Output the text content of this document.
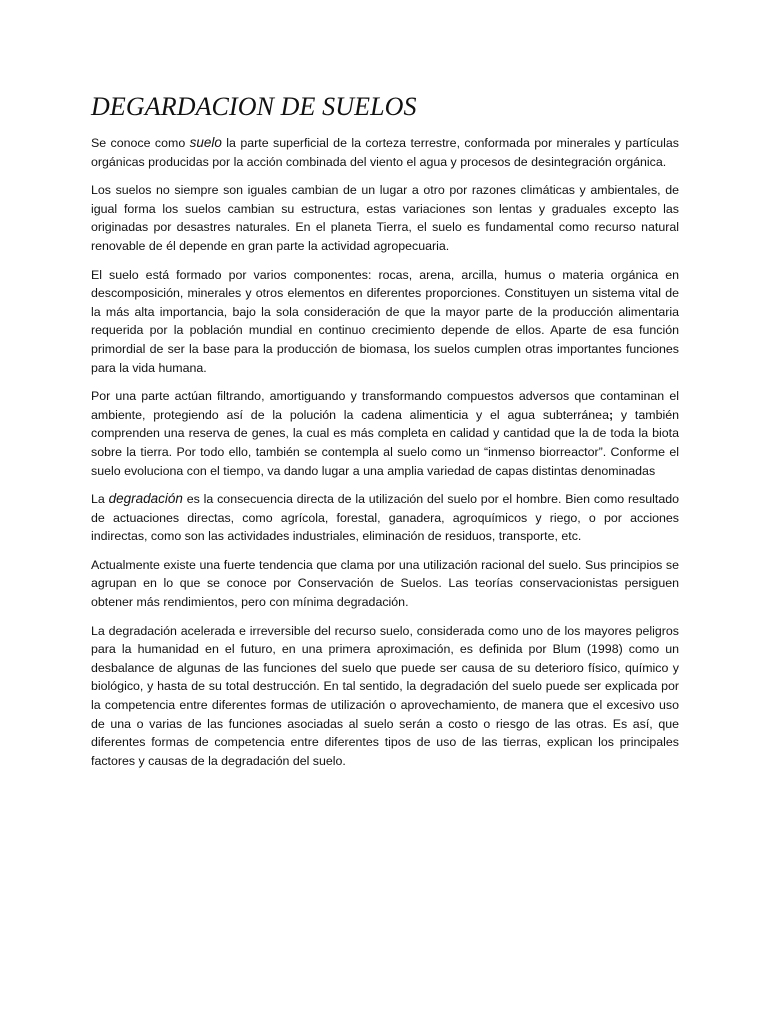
DEGARDACION DE SUELOS

Se conoce como suelo la parte superficial de la corteza terrestre, conformada por minerales y partículas orgánicas producidas por la acción combinada del viento el agua y procesos de desintegración orgánica.

Los suelos no siempre son iguales cambian de un lugar a otro por razones climáticas y ambientales, de igual forma los suelos cambian su estructura, estas variaciones son lentas y graduales excepto las originadas por desastres naturales. En el planeta Tierra, el suelo es fundamental como recurso natural renovable de él depende en gran parte la actividad agropecuaria.

El suelo está formado por varios componentes: rocas, arena, arcilla, humus o materia orgánica en descomposición, minerales y otros elementos en diferentes proporciones. Constituyen un sistema vital de la más alta importancia, bajo la sola consideración de que la mayor parte de la producción alimentaria requerida por la población mundial en continuo crecimiento depende de ellos. Aparte de esa función primordial de ser la base para la producción de biomasa, los suelos cumplen otras importantes funciones para la vida humana.

Por una parte actúan filtrando, amortiguando y transformando compuestos adversos que contaminan el ambiente, protegiendo así de la polución la cadena alimenticia y el agua subterránea; y también comprenden una reserva de genes, la cual es más completa en calidad y cantidad que la de toda la biota sobre la tierra. Por todo ello, también se contempla al suelo como un “inmenso biorreactor”. Conforme el suelo evoluciona con el tiempo, va dando lugar a una amplia variedad de capas distintas denominadas

La degradación es la consecuencia directa de la utilización del suelo por el hombre. Bien como resultado de actuaciones directas, como agrícola, forestal, ganadera, agroquímicos y riego, o por acciones indirectas, como son las actividades industriales, eliminación de residuos, transporte, etc.

Actualmente existe una fuerte tendencia que clama por una utilización racional del suelo. Sus principios se agrupan en lo que se conoce por Conservación de Suelos. Las teorías conservacionistas persiguen obtener más rendimientos, pero con mínima degradación.

La degradación acelerada e irreversible del recurso suelo, considerada como uno de los mayores peligros para la humanidad en el futuro, en una primera aproximación, es definida por Blum (1998) como un desbalance de algunas de las funciones del suelo que puede ser causa de su deterioro físico, químico y biológico, y hasta de su total destrucción. En tal sentido, la degradación del suelo puede ser explicada por la competencia entre diferentes formas de utilización o aprovechamiento, de manera que el excesivo uso de una o varias de las funciones asociadas al suelo serán a costo o riesgo de las otras. Es así, que diferentes formas de competencia entre diferentes tipos de uso de las tierras, explican los principales factores y causas de la degradación del suelo.
